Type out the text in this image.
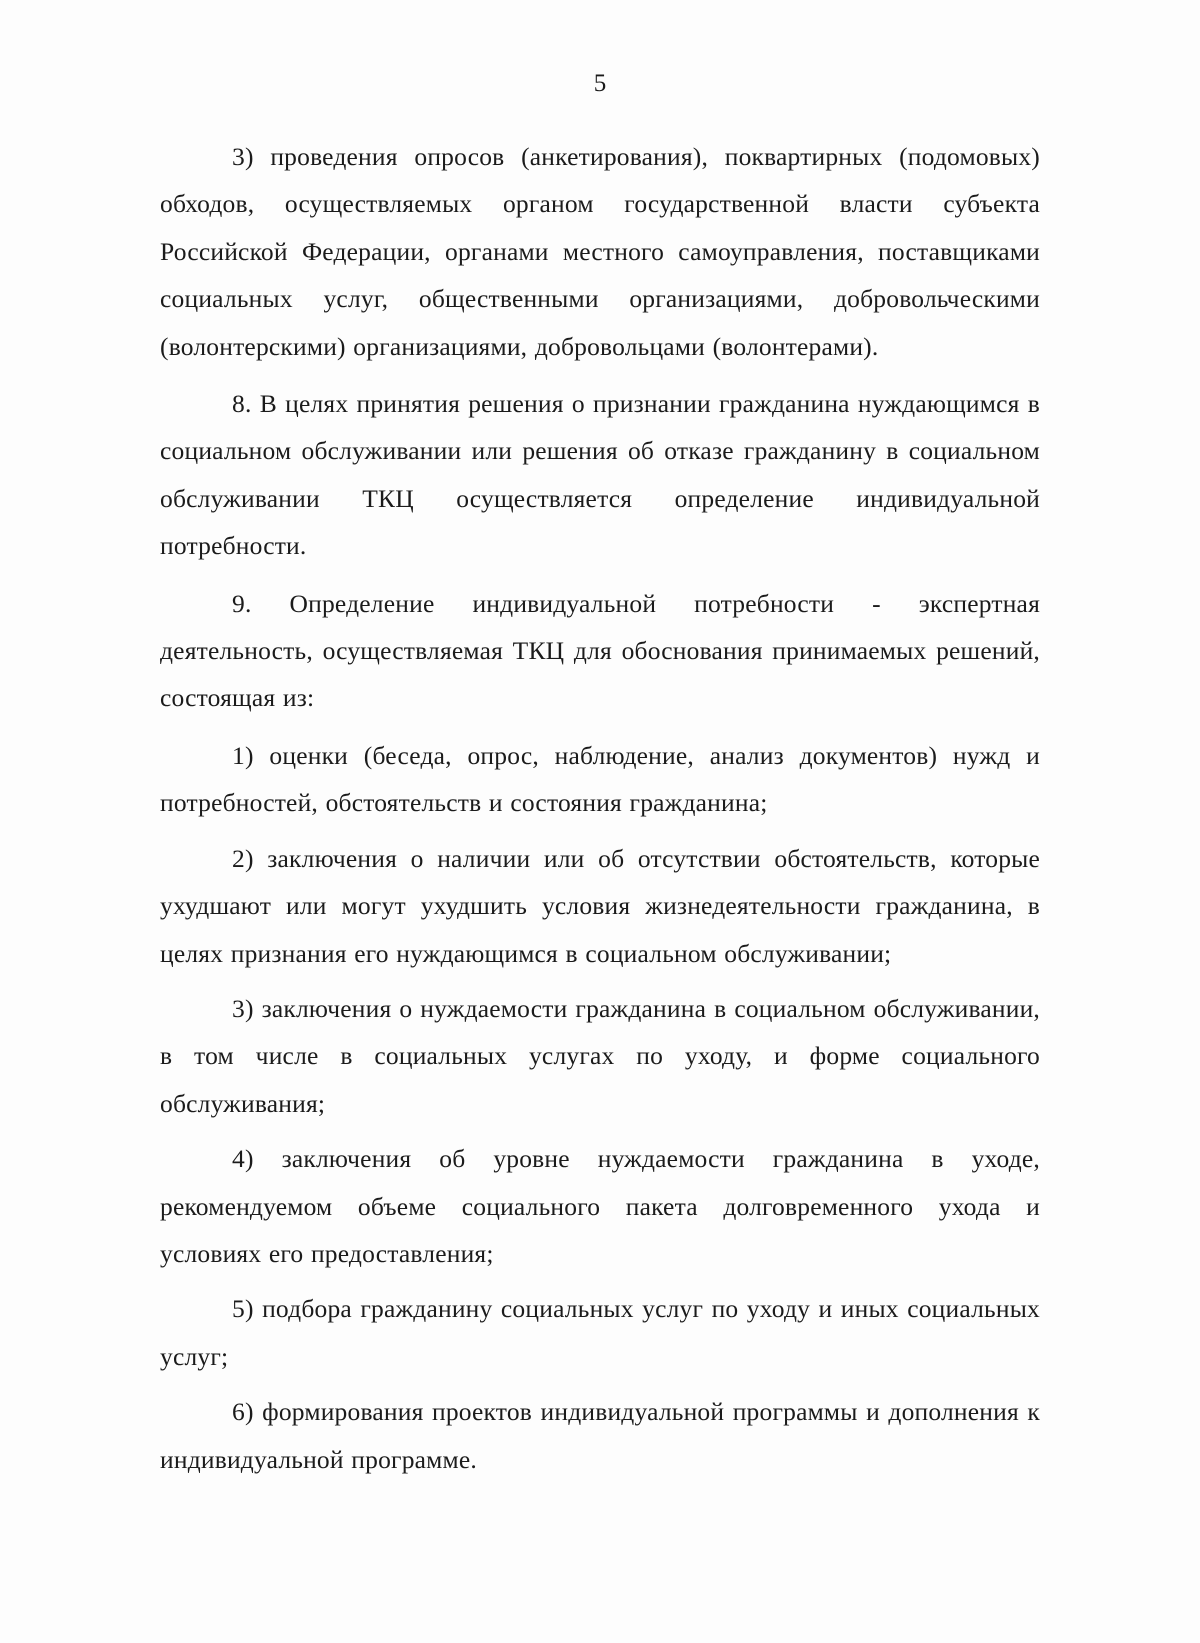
5

3) проведения опросов (анкетирования), поквартирных (подомовых) обходов, осуществляемых органом государственной власти субъекта Российской Федерации, органами местного самоуправления, поставщиками социальных услуг, общественными организациями, добровольческими (волонтерскими) организациями, добровольцами (волонтерами).

8. В целях принятия решения о признании гражданина нуждающимся в социальном обслуживании или решения об отказе гражданину в социальном обслуживании ТКЦ осуществляется определение индивидуальной потребности.

9. Определение индивидуальной потребности - экспертная деятельность, осуществляемая ТКЦ для обоснования принимаемых решений, состоящая из:

1) оценки (беседа, опрос, наблюдение, анализ документов) нужд и потребностей, обстоятельств и состояния гражданина;

2) заключения о наличии или об отсутствии обстоятельств, которые ухудшают или могут ухудшить условия жизнедеятельности гражданина, в целях признания его нуждающимся в социальном обслуживании;

3) заключения о нуждаемости гражданина в социальном обслуживании, в том числе в социальных услугах по уходу, и форме социального обслуживания;

4) заключения об уровне нуждаемости гражданина в уходе, рекомендуемом объеме социального пакета долговременного ухода и условиях его предоставления;

5) подбора гражданину социальных услуг по уходу и иных социальных услуг;

6) формирования проектов индивидуальной программы и дополнения к индивидуальной программе.
